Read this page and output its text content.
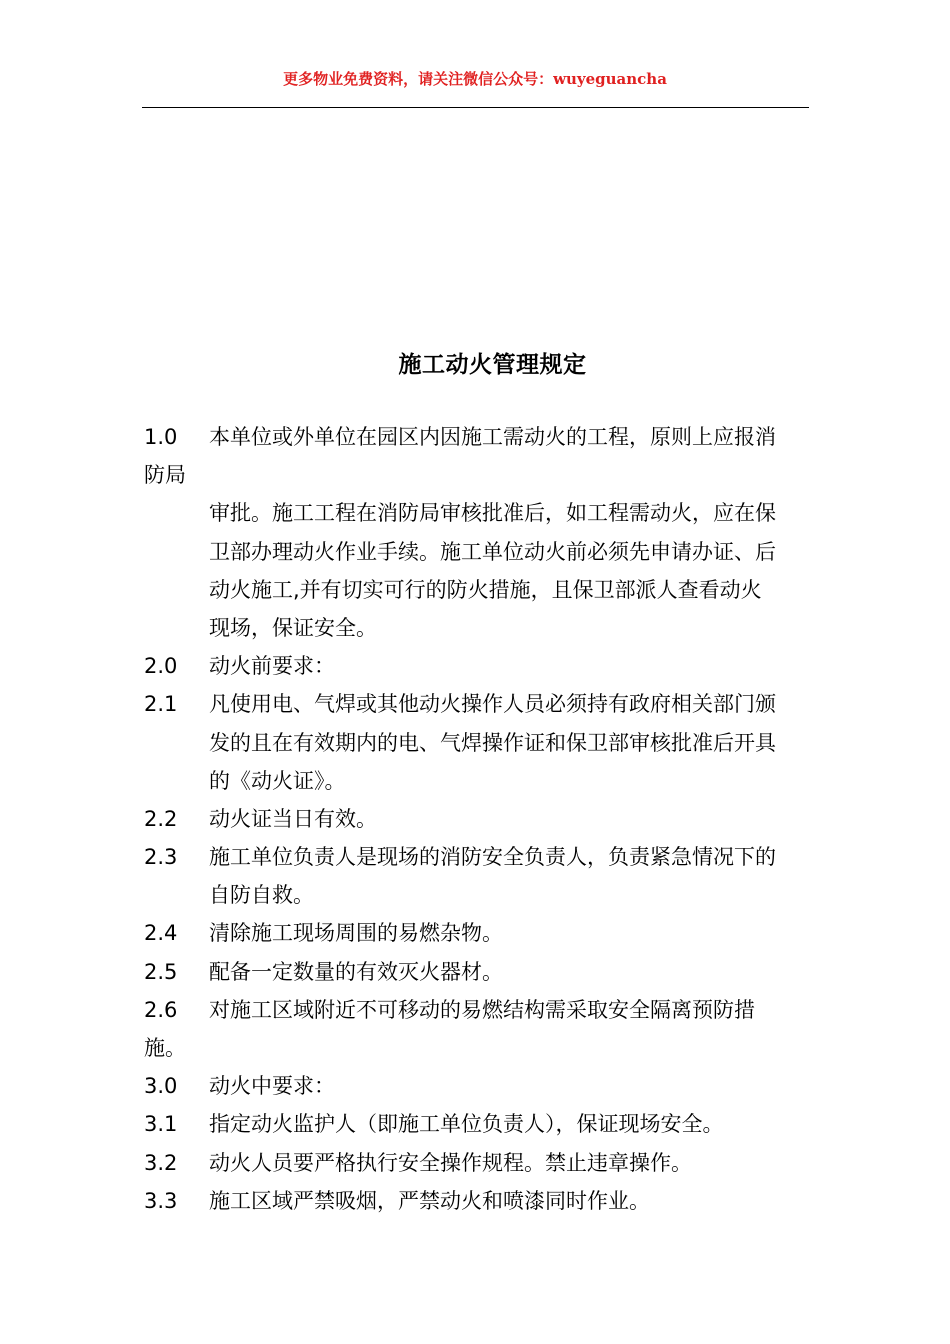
更多物业免费资料，请关注微信公众号：wuyeguancha
施工动火管理规定
1.0 本单位或外单位在园区内因施工需动火的工程，原则上应报消
防局
审批。施工工程在消防局审核批准后，如工程需动火，应在保
卫部办理动火作业手续。施工单位动火前必须先申请办证、后
动火施工,并有切实可行的防火措施，且保卫部派人查看动火
现场，保证安全。
2.0 动火前要求：
2.1 凡使用电、气焊或其他动火操作人员必须持有政府相关部门颁
发的且在有效期内的电、气焊操作证和保卫部审核批准后开具
的《动火证》。
2.2 动火证当日有效。
2.3 施工单位负责人是现场的消防安全负责人，负责紧急情况下的
自防自救。
2.4 清除施工现场周围的易燃杂物。
2.5 配备一定数量的有效灭火器材。
2.6 对施工区域附近不可移动的易燃结构需采取安全隔离预防措
施。
3.0 动火中要求：
3.1 指定动火监护人（即施工单位负责人），保证现场安全。
3.2 动火人员要严格执行安全操作规程。禁止违章操作。
3.3 施工区域严禁吸烟，严禁动火和喷漆同时作业。
